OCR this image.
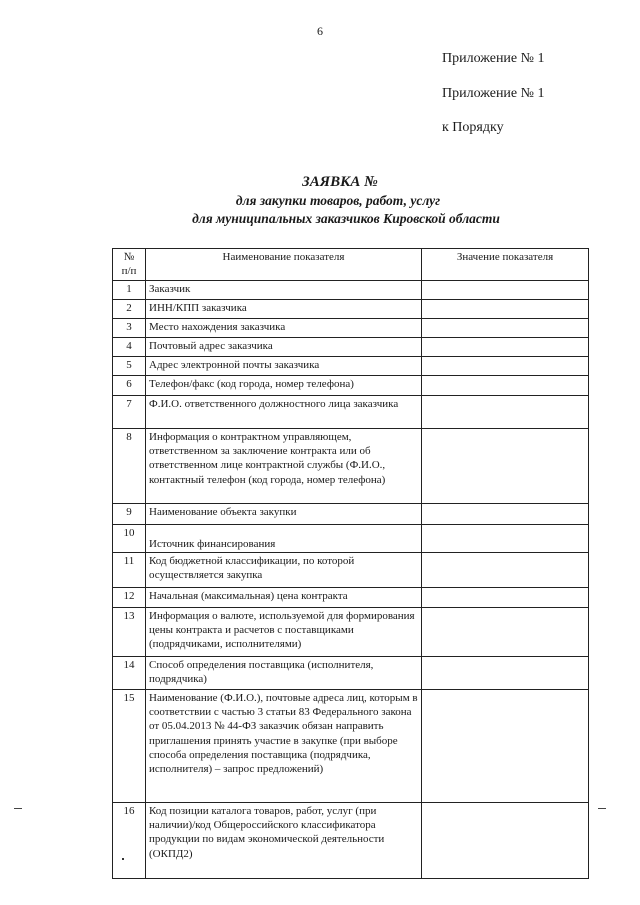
6
Приложение № 1
Приложение № 1
к Порядку
ЗАЯВКА №
для закупки товаров, работ, услуг
для муниципальных заказчиков Кировской области
№
п/п	Наименование показателя	Значение показателя
1	Заказчик	
2	ИНН/КПП заказчика	
3	Место нахождения заказчика	
4	Почтовый адрес заказчика	
5	Адрес электронной почты заказчика	
6	Телефон/факс (код города, номер телефона)	
7	Ф.И.О. ответственного должностного лица заказчика	
8	Информация о контрактном управляющем, ответственном за заключение контракта или об ответственном лице контрактной службы (Ф.И.О., контактный телефон (код города, номер телефона)	
9	Наименование объекта закупки	
10	Источник финансирования	
11	Код бюджетной классификации, по которой осуществляется закупка	
12	Начальная (максимальная) цена контракта	
13	Информация о валюте, используемой для формирования цены контракта и расчетов с поставщиками (подрядчиками, исполнителями)	
14	Способ определения поставщика (исполнителя, подрядчика)	
15	Наименование (Ф.И.О.), почтовые адреса лиц, которым в соответствии с частью 3 статьи 83 Федерального закона от 05.04.2013 № 44-ФЗ заказчик обязан направить приглашения принять участие в закупке (при выборе способа определения поставщика (подрядчика, исполнителя) – запрос предложений)	
16	Код позиции каталога товаров, работ, услуг (при наличии)/код Общероссийского классификатора продукции по видам экономической деятельности (ОКПД2)	
